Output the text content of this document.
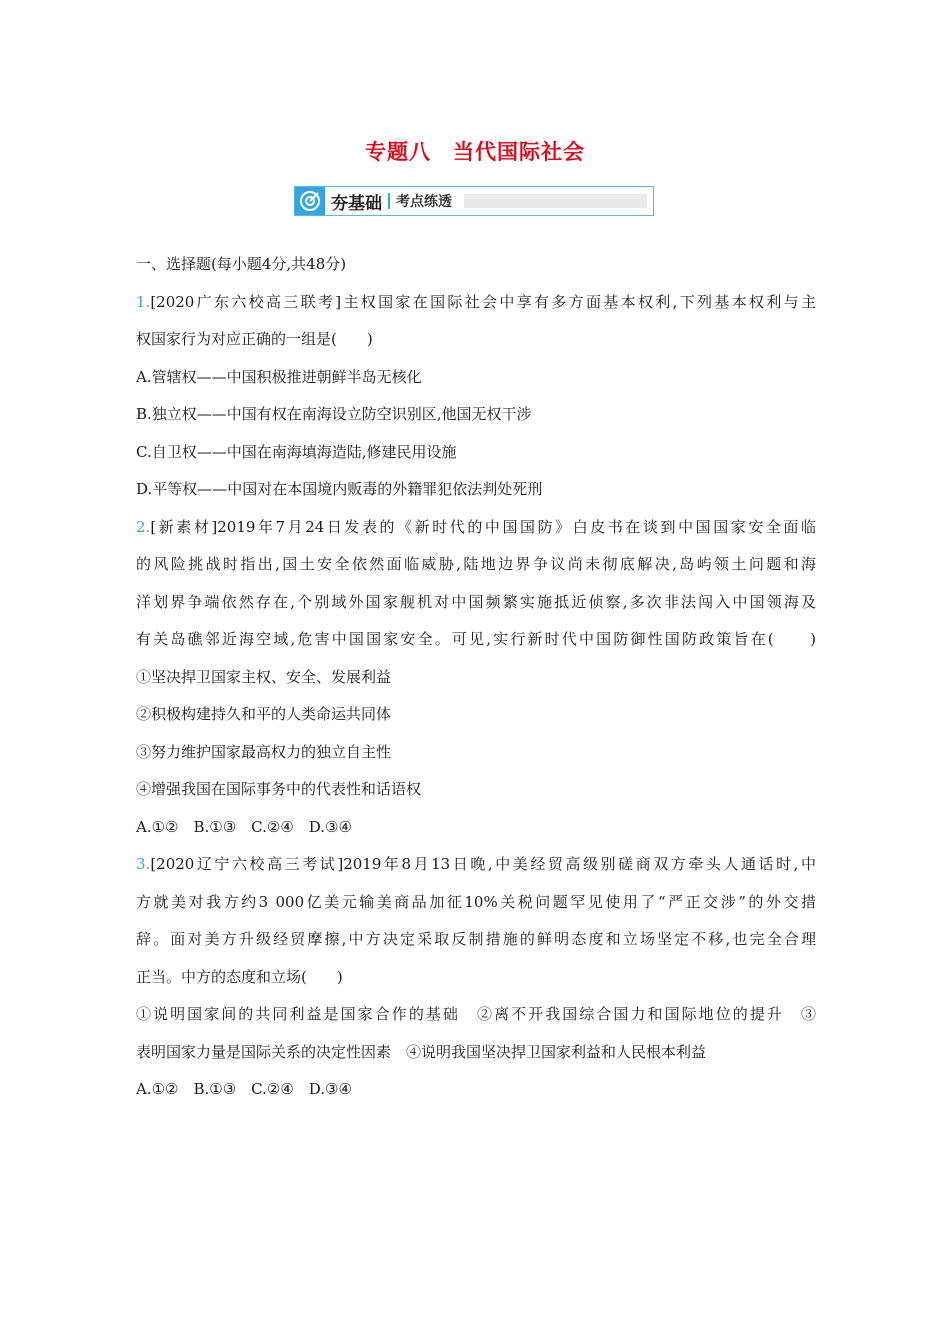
专题八　当代国际社会
夯基础 考点练透
一、选择题(每小题4分,共48分)
1.[2020广东六校高三联考]主权国家在国际社会中享有多方面基本权利,下列基本权利与主
权国家行为对应正确的一组是(　　)
A.管辖权——中国积极推进朝鲜半岛无核化
B.独立权——中国有权在南海设立防空识别区,他国无权干涉
C.自卫权——中国在南海填海造陆,修建民用设施
D.平等权——中国对在本国境内贩毒的外籍罪犯依法判处死刑
2.[新素材]2019年7月24日发表的《新时代的中国国防》白皮书在谈到中国国家安全面临
的风险挑战时指出,国土安全依然面临威胁,陆地边界争议尚未彻底解决,岛屿领土问题和海
洋划界争端依然存在,个别域外国家舰机对中国频繁实施抵近侦察,多次非法闯入中国领海及
有关岛礁邻近海空域,危害中国国家安全。可见,实行新时代中国防御性国防政策旨在(　　)
①坚决捍卫国家主权、安全、发展利益
②积极构建持久和平的人类命运共同体
③努力维护国家最高权力的独立自主性
④增强我国在国际事务中的代表性和话语权
A.①②　B.①③　C.②④　D.③④
3.[2020辽宁六校高三考试]2019年8月13日晚,中美经贸高级别磋商双方牵头人通话时,中
方就美对我方约3 000亿美元输美商品加征10%关税问题罕见使用了“严正交涉”的外交措
辞。面对美方升级经贸摩擦,中方决定采取反制措施的鲜明态度和立场坚定不移,也完全合理
正当。中方的态度和立场(　　)
①说明国家间的共同利益是国家合作的基础　②离不开我国综合国力和国际地位的提升　③
表明国家力量是国际关系的决定性因素　④说明我国坚决捍卫国家利益和人民根本利益
A.①②　B.①③　C.②④　D.③④
